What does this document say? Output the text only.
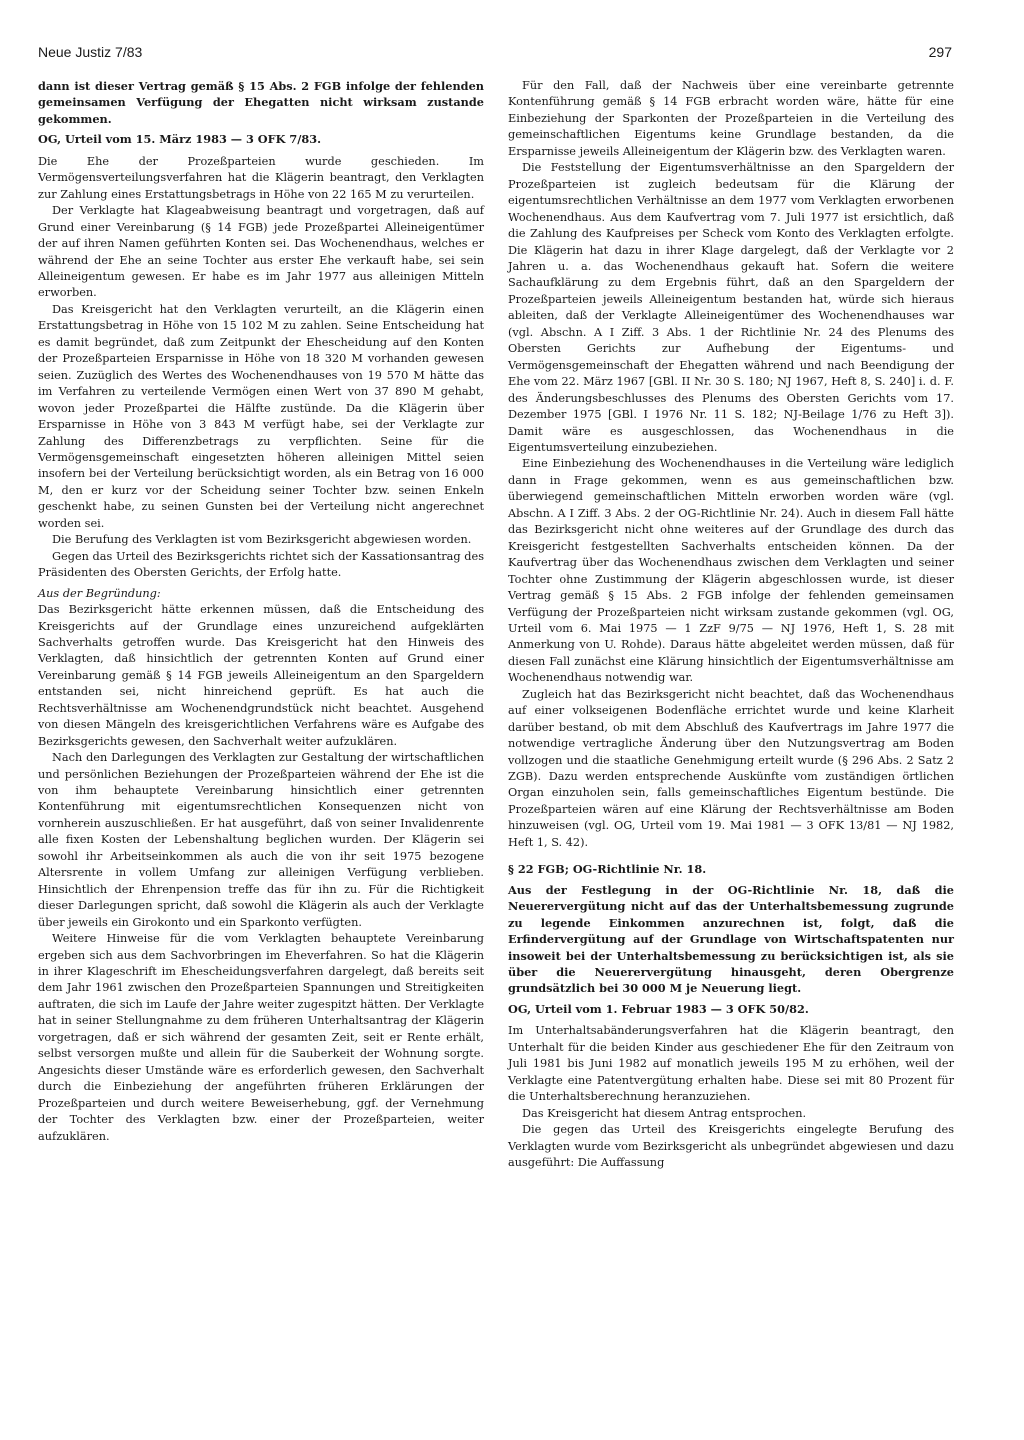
Neue Justiz 7/83	297

dann ist dieser Vertrag gemäß § 15 Abs. 2 FGB infolge der fehlenden gemeinsamen Verfügung der Ehegatten nicht wirksam zustande gekommen.

OG, Urteil vom 15. März 1983 — 3 OFK 7/83.

Die Ehe der Prozeßparteien wurde geschieden. Im Vermögensverteilungsverfahren hat die Klägerin beantragt, den Verklagten zur Zahlung eines Erstattungsbetrags in Höhe von 22 165 M zu verurteilen.

Der Verklagte hat Klageabweisung beantragt und vorgetragen, daß auf Grund einer Vereinbarung (§ 14 FGB) jede Prozeßpartei Alleineigentümer der auf ihren Namen geführten Konten sei. Das Wochenendhaus, welches er während der Ehe an seine Tochter aus erster Ehe verkauft habe, sei sein Alleineigentum gewesen. Er habe es im Jahr 1977 aus alleinigen Mitteln erworben.

Das Kreisgericht hat den Verklagten verurteilt, an die Klägerin einen Erstattungsbetrag in Höhe von 15 102 M zu zahlen. Seine Entscheidung hat es damit begründet, daß zum Zeitpunkt der Ehescheidung auf den Konten der Prozeßparteien Ersparnisse in Höhe von 18 320 M vorhanden gewesen seien. Zuzüglich des Wertes des Wochenendhauses von 19 570 M hätte das im Verfahren zu verteilende Vermögen einen Wert von 37 890 M gehabt, wovon jeder Prozeßpartei die Hälfte zustünde. Da die Klägerin über Ersparnisse in Höhe von 3 843 M verfügt habe, sei der Verklagte zur Zahlung des Differenzbetrags zu verpflichten. Seine für die Vermögensgemeinschaft eingesetzten höheren alleinigen Mittel seien insofern bei der Verteilung berücksichtigt worden, als ein Betrag von 16 000 M, den er kurz vor der Scheidung seiner Tochter bzw. seinen Enkeln geschenkt habe, zu seinen Gunsten bei der Verteilung nicht angerechnet worden sei.

Die Berufung des Verklagten ist vom Bezirksgericht abgewiesen worden.

Gegen das Urteil des Bezirksgerichts richtet sich der Kassationsantrag des Präsidenten des Obersten Gerichts, der Erfolg hatte.

Aus der Begründung:

Das Bezirksgericht hätte erkennen müssen, daß die Entscheidung des Kreisgerichts auf der Grundlage eines unzureichend aufgeklärten Sachverhalts getroffen wurde. Das Kreisgericht hat den Hinweis des Verklagten, daß hinsichtlich der getrennten Konten auf Grund einer Vereinbarung gemäß § 14 FGB jeweils Alleineigentum an den Spargeldern entstanden sei, nicht hinreichend geprüft. Es hat auch die Rechtsverhältnisse am Wochenendgrundstück nicht beachtet. Ausgehend von diesen Mängeln des kreisgerichtlichen Verfahrens wäre es Aufgabe des Bezirksgerichts gewesen, den Sachverhalt weiter aufzuklären.

Nach den Darlegungen des Verklagten zur Gestaltung der wirtschaftlichen und persönlichen Beziehungen der Prozeßparteien während der Ehe ist die von ihm behauptete Vereinbarung hinsichtlich einer getrennten Kontenführung mit eigentumsrechtlichen Konsequenzen nicht von vornherein auszuschließen. Er hat ausgeführt, daß von seiner Invalidenrente alle fixen Kosten der Lebenshaltung beglichen wurden. Der Klägerin sei sowohl ihr Arbeitseinkommen als auch die von ihr seit 1975 bezogene Altersrente in vollem Umfang zur alleinigen Verfügung verblieben. Hinsichtlich der Ehrenpension treffe das für ihn zu. Für die Richtigkeit dieser Darlegungen spricht, daß sowohl die Klägerin als auch der Verklagte über jeweils ein Girokonto und ein Sparkonto verfügten.

Weitere Hinweise für die vom Verklagten behauptete Vereinbarung ergeben sich aus dem Sachvorbringen im Eheverfahren. So hat die Klägerin in ihrer Klageschrift im Ehescheidungsverfahren dargelegt, daß bereits seit dem Jahr 1961 zwischen den Prozeßparteien Spannungen und Streitigkeiten auftraten, die sich im Laufe der Jahre weiter zugespitzt hätten. Der Verklagte hat in seiner Stellungnahme zu dem früheren Unterhaltsantrag der Klägerin vorgetragen, daß er sich während der gesamten Zeit, seit er Rente erhält, selbst versorgen mußte und allein für die Sauberkeit der Wohnung sorgte. Angesichts dieser Umstände wäre es erforderlich gewesen, den Sachverhalt durch die Einbeziehung der angeführten früheren Erklärungen der Prozeßparteien und durch weitere Beweiserhebung, ggf. der Vernehmung der Tochter des Verklagten bzw. einer der Prozeßparteien, weiter aufzuklären.

Für den Fall, daß der Nachweis über eine vereinbarte getrennte Kontenführung gemäß § 14 FGB erbracht worden wäre, hätte für eine Einbeziehung der Sparkonten der Prozeßparteien in die Verteilung des gemeinschaftlichen Eigentums keine Grundlage bestanden, da die Ersparnisse jeweils Alleineigentum der Klägerin bzw. des Verklagten waren.

Die Feststellung der Eigentumsverhältnisse an den Spargeldern der Prozeßparteien ist zugleich bedeutsam für die Klärung der eigentumsrechtlichen Verhältnisse an dem 1977 vom Verklagten erworbenen Wochenendhaus. Aus dem Kaufvertrag vom 7. Juli 1977 ist ersichtlich, daß die Zahlung des Kaufpreises per Scheck vom Konto des Verklagten erfolgte. Die Klägerin hat dazu in ihrer Klage dargelegt, daß der Verklagte vor 2 Jahren u. a. das Wochenendhaus gekauft hat. Sofern die weitere Sachaufklärung zu dem Ergebnis führt, daß an den Spargeldern der Prozeßparteien jeweils Alleineigentum bestanden hat, würde sich hieraus ableiten, daß der Verklagte Alleineigentümer des Wochenendhauses war (vgl. Abschn. A I Ziff. 3 Abs. 1 der Richtlinie Nr. 24 des Plenums des Obersten Gerichts zur Aufhebung der Eigentums- und Vermögensgemeinschaft der Ehegatten während und nach Beendigung der Ehe vom 22. März 1967 [GBl. II Nr. 30 S. 180; NJ 1967, Heft 8, S. 240] i. d. F. des Änderungsbeschlusses des Plenums des Obersten Gerichts vom 17. Dezember 1975 [GBl. I 1976 Nr. 11 S. 182; NJ-Beilage 1/76 zu Heft 3]). Damit wäre es ausgeschlossen, das Wochenendhaus in die Eigentumsverteilung einzubeziehen.

Eine Einbeziehung des Wochenendhauses in die Verteilung wäre lediglich dann in Frage gekommen, wenn es aus gemeinschaftlichen bzw. überwiegend gemeinschaftlichen Mitteln erworben worden wäre (vgl. Abschn. A I Ziff. 3 Abs. 2 der OG-Richtlinie Nr. 24). Auch in diesem Fall hätte das Bezirksgericht nicht ohne weiteres auf der Grundlage des durch das Kreisgericht festgestellten Sachverhalts entscheiden können. Da der Kaufvertrag über das Wochenendhaus zwischen dem Verklagten und seiner Tochter ohne Zustimmung der Klägerin abgeschlossen wurde, ist dieser Vertrag gemäß § 15 Abs. 2 FGB infolge der fehlenden gemeinsamen Verfügung der Prozeßparteien nicht wirksam zustande gekommen (vgl. OG, Urteil vom 6. Mai 1975 — 1 ZzF 9/75 — NJ 1976, Heft 1, S. 28 mit Anmerkung von U. Rohde). Daraus hätte abgeleitet werden müssen, daß für diesen Fall zunächst eine Klärung hinsichtlich der Eigentumsverhältnisse am Wochenendhaus notwendig war.

Zugleich hat das Bezirksgericht nicht beachtet, daß das Wochenendhaus auf einer volkseigenen Bodenfläche errichtet wurde und keine Klarheit darüber bestand, ob mit dem Abschluß des Kaufvertrags im Jahre 1977 die notwendige vertragliche Änderung über den Nutzungsvertrag am Boden vollzogen und die staatliche Genehmigung erteilt wurde (§ 296 Abs. 2 Satz 2 ZGB). Dazu werden entsprechende Auskünfte vom zuständigen örtlichen Organ einzuholen sein, falls gemeinschaftliches Eigentum bestünde. Die Prozeßparteien wären auf eine Klärung der Rechtsverhältnisse am Boden hinzuweisen (vgl. OG, Urteil vom 19. Mai 1981 — 3 OFK 13/81 — NJ 1982, Heft 1, S. 42).

§ 22 FGB; OG-Richtlinie Nr. 18.

Aus der Festlegung in der OG-Richtlinie Nr. 18, daß die Neuerervergütung nicht auf das der Unterhaltsbemessung zugrunde zu legende Einkommen anzurechnen ist, folgt, daß die Erfindervergütung auf der Grundlage von Wirtschaftspatenten nur insoweit bei der Unterhaltsbemessung zu berücksichtigen ist, als sie über die Neuerervergütung hinausgeht, deren Obergrenze grundsätzlich bei 30 000 M je Neuerung liegt.

OG, Urteil vom 1. Februar 1983 — 3 OFK 50/82.

Im Unterhaltsabänderungsverfahren hat die Klägerin beantragt, den Unterhalt für die beiden Kinder aus geschiedener Ehe für den Zeitraum von Juli 1981 bis Juni 1982 auf monatlich jeweils 195 M zu erhöhen, weil der Verklagte eine Patentvergütung erhalten habe. Diese sei mit 80 Prozent für die Unterhaltsberechnung heranzuziehen.

Das Kreisgericht hat diesem Antrag entsprochen.

Die gegen das Urteil des Kreisgerichts eingelegte Berufung des Verklagten wurde vom Bezirksgericht als unbegründet abgewiesen und dazu ausgeführt: Die Auffassung
